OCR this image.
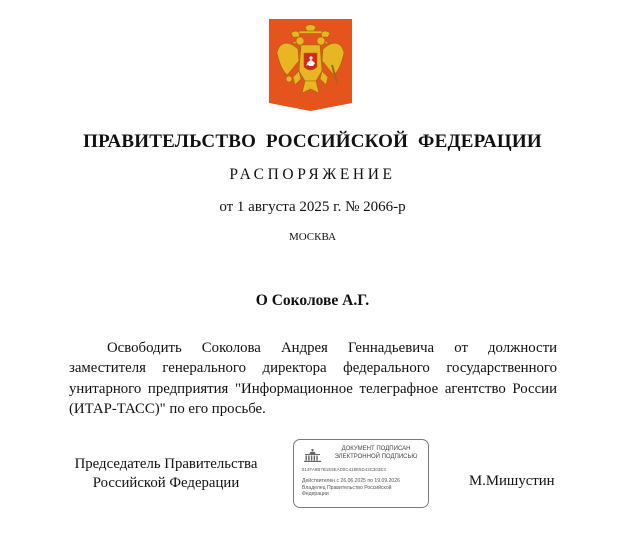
ПРАВИТЕЛЬСТВО РОССИЙСКОЙ ФЕДЕРАЦИИ
РАСПОРЯЖЕНИЕ
от 1 августа 2025 г. № 2066-р
МОСКВА
О Соколове А.Г.
Освободить Соколова Андрея Геннадьевича от должности
заместителя генерального директора федерального государственного
унитарного предприятия "Информационное телеграфное агентство России
(ИТАР-ТАСС)" по его просьбе.
Председатель Правительства
Российской Федерации
ДОКУМЕНТ ПОДПИСАН
ЭЛЕКТРОННОЙ ПОДПИСЬЮ
514FA8B7B1E9EAD0C418E5D43C303E3
Действителен с 26.06.2025 по 19.09.2026
Владелец Правительство Российской
Федерации
М.Мишустин
